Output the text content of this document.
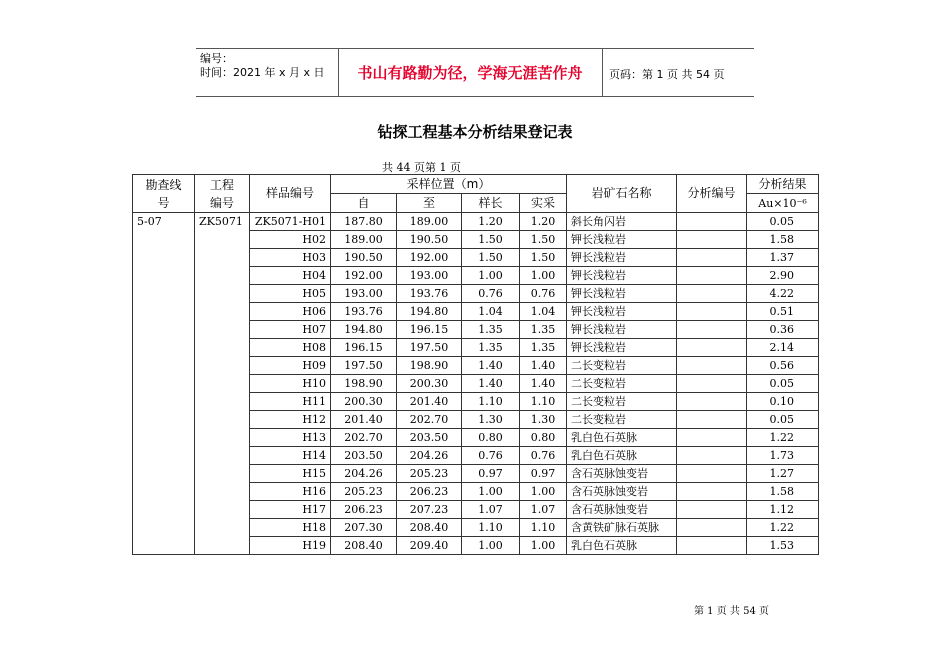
编号：
时间：2021 年 x 月 x 日	书山有路勤为径，学海无涯苦作舟	页码：第 1 页 共 54 页
钻探工程基本分析结果登记表
共 44 页第 1 页
勘查线号	工程编号	样品编号	采样位置（m）				岩矿石名称	分析编号	分析结果
			自	至	样长	实采			Au×10⁻⁶
5-07	ZK5071	ZK5071-H01	187.80	189.00	1.20	1.20	斜长角闪岩		0.05
		H02	189.00	190.50	1.50	1.50	钾长浅粒岩		1.58
		H03	190.50	192.00	1.50	1.50	钾长浅粒岩		1.37
		H04	192.00	193.00	1.00	1.00	钾长浅粒岩		2.90
		H05	193.00	193.76	0.76	0.76	钾长浅粒岩		4.22
		H06	193.76	194.80	1.04	1.04	钾长浅粒岩		0.51
		H07	194.80	196.15	1.35	1.35	钾长浅粒岩		0.36
		H08	196.15	197.50	1.35	1.35	钾长浅粒岩		2.14
		H09	197.50	198.90	1.40	1.40	二长变粒岩		0.56
		H10	198.90	200.30	1.40	1.40	二长变粒岩		0.05
		H11	200.30	201.40	1.10	1.10	二长变粒岩		0.10
		H12	201.40	202.70	1.30	1.30	二长变粒岩		0.05
		H13	202.70	203.50	0.80	0.80	乳白色石英脉		1.22
		H14	203.50	204.26	0.76	0.76	乳白色石英脉		1.73
		H15	204.26	205.23	0.97	0.97	含石英脉蚀变岩		1.27
		H16	205.23	206.23	1.00	1.00	含石英脉蚀变岩		1.58
		H17	206.23	207.23	1.07	1.07	含石英脉蚀变岩		1.12
		H18	207.30	208.40	1.10	1.10	含黄铁矿脉石英脉		1.22
		H19	208.40	209.40	1.00	1.00	乳白色石英脉		1.53
第 1 页 共 54 页
